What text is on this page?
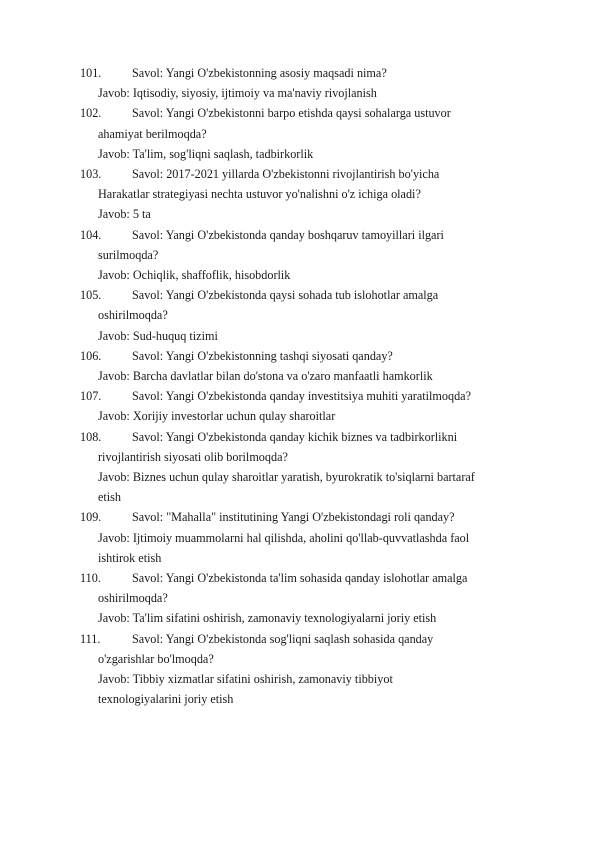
101.	Savol: Yangi O'zbekistonning asosiy maqsadi nima?
Javob: Iqtisodiy, siyosiy, ijtimoiy va ma'naviy rivojlanish
102.	Savol: Yangi O'zbekistonni barpo etishda qaysi sohalarga ustuvor
ahamiyat berilmoqda?
Javob: Ta'lim, sog'liqni saqlash, tadbirkorlik
103.	Savol: 2017-2021 yillarda O'zbekistonni rivojlantirish bo'yicha
Harakatlar strategiyasi nechta ustuvor yo'nalishni o'z ichiga oladi?
Javob: 5 ta
104.	Savol: Yangi O'zbekistonda qanday boshqaruv tamoyillari ilgari
surilmoqda?
Javob: Ochiqlik, shaffoflik, hisobdorlik
105.	Savol: Yangi O'zbekistonda qaysi sohada tub islohotlar amalga
oshirilmoqda?
Javob: Sud-huquq tizimi
106.	Savol: Yangi O'zbekistonning tashqi siyosati qanday?
Javob: Barcha davlatlar bilan do'stona va o'zaro manfaatli hamkorlik
107.	Savol: Yangi O'zbekistonda qanday investitsiya muhiti yaratilmoqda?
Javob: Xorijiy investorlar uchun qulay sharoitlar
108.	Savol: Yangi O'zbekistonda qanday kichik biznes va tadbirkorlikni
rivojlantirish siyosati olib borilmoqda?
Javob: Biznes uchun qulay sharoitlar yaratish, byurokratik to'siqlarni bartaraf
etish
109.	Savol: "Mahalla" institutining Yangi O'zbekistondagi roli qanday?
Javob: Ijtimoiy muammolarni hal qilishda, aholini qo'llab-quvvatlashda faol
ishtirok etish
110.	Savol: Yangi O'zbekistonda ta'lim sohasida qanday islohotlar amalga
oshirilmoqda?
Javob: Ta'lim sifatini oshirish, zamonaviy texnologiyalarni joriy etish
111.	Savol: Yangi O'zbekistonda sog'liqni saqlash sohasida qanday
o'zgarishlar bo'lmoqda?
Javob: Tibbiy xizmatlar sifatini oshirish, zamonaviy tibbiyot
texnologiyalarini joriy etish
